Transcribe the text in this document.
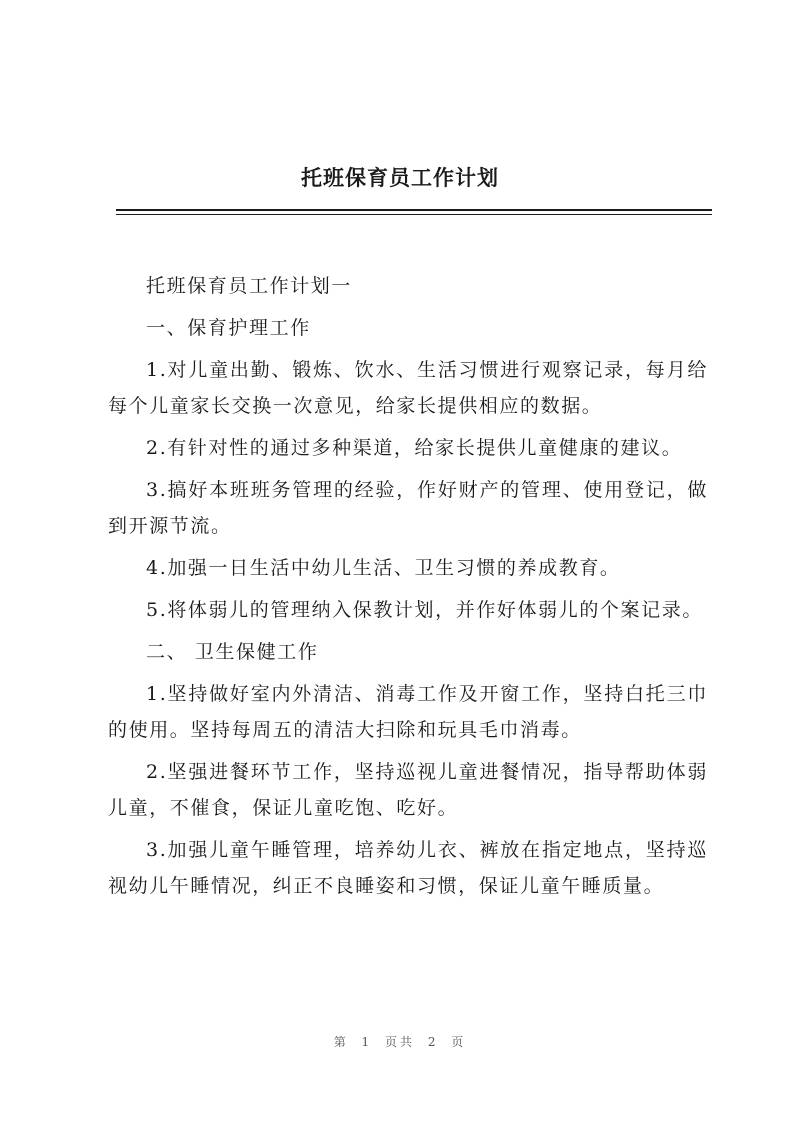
托班保育员工作计划

托班保育员工作计划一

一、保育护理工作

1.对儿童出勤、锻炼、饮水、生活习惯进行观察记录，每月给每个儿童家长交换一次意见，给家长提供相应的数据。

2.有针对性的通过多种渠道，给家长提供儿童健康的建议。

3.搞好本班班务管理的经验，作好财产的管理、使用登记，做到开源节流。

4.加强一日生活中幼儿生活、卫生习惯的养成教育。

5.将体弱儿的管理纳入保教计划，并作好体弱儿的个案记录。

二、 卫生保健工作

1.坚持做好室内外清洁、消毒工作及开窗工作，坚持白托三巾的使用。坚持每周五的清洁大扫除和玩具毛巾消毒。

2.坚强进餐环节工作，坚持巡视儿童进餐情况，指导帮助体弱儿童，不催食，保证儿童吃饱、吃好。

3.加强儿童午睡管理，培养幼儿衣、裤放在指定地点，坚持巡视幼儿午睡情况，纠正不良睡姿和习惯，保证儿童午睡质量。

第 1 页共 2 页
